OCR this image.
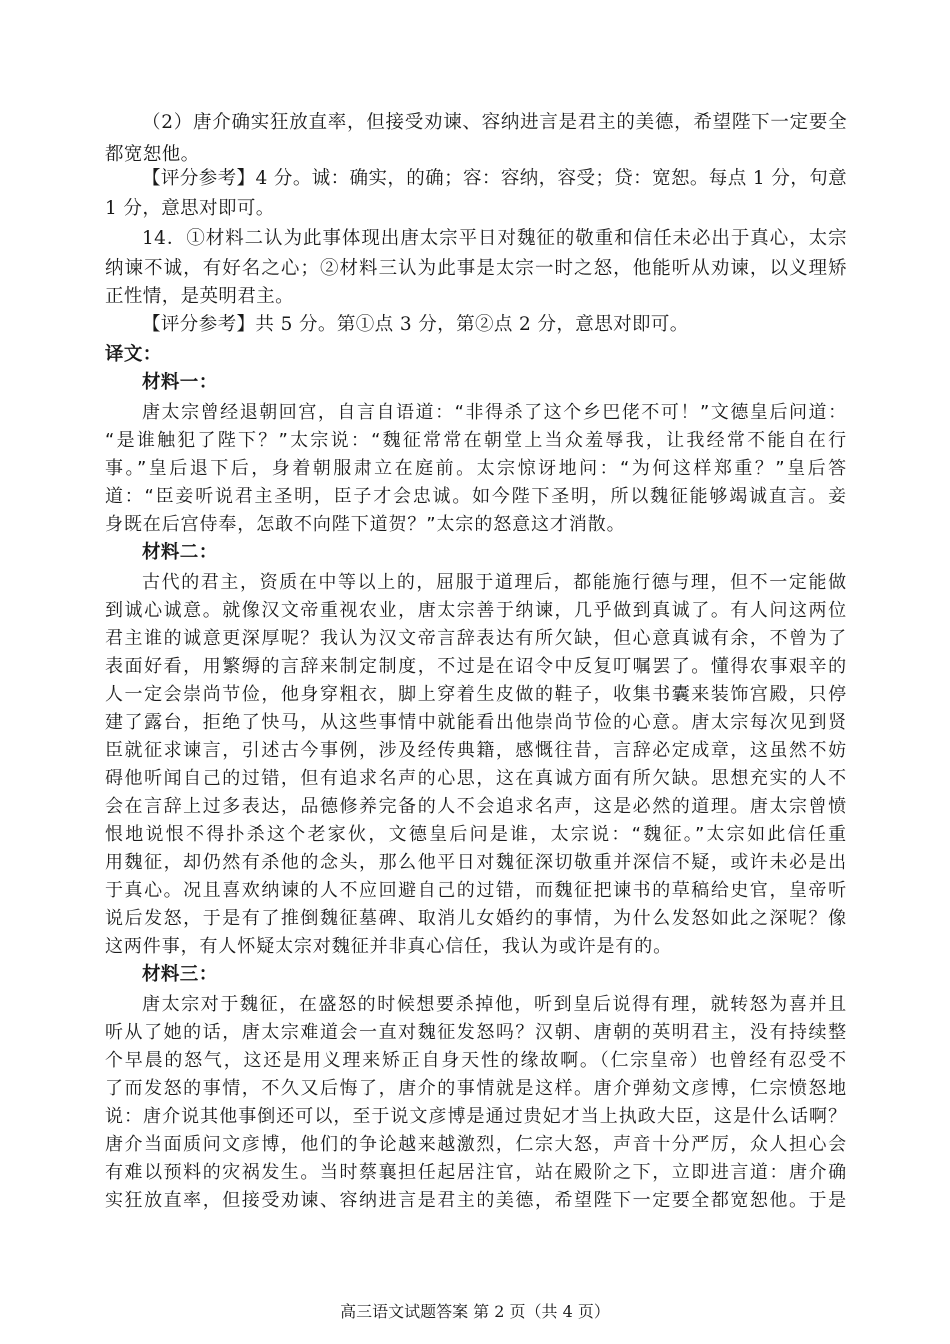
（2）唐介确实狂放直率，但接受劝谏、容纳进言是君主的美德，希望陛下一定要全
都宽恕他。
【评分参考】4 分。诚：确实，的确；容：容纳，容受；贷：宽恕。每点 1 分，句意
1 分，意思对即可。
14．①材料二认为此事体现出唐太宗平日对魏征的敬重和信任未必出于真心，太宗
纳谏不诚，有好名之心；②材料三认为此事是太宗一时之怒，他能听从劝谏，以义理矫
正性情，是英明君主。
【评分参考】共 5 分。第①点 3 分，第②点 2 分，意思对即可。
译文：
材料一：
唐太宗曾经退朝回宫，自言自语道：“非得杀了这个乡巴佬不可！”文德皇后问道：
“是谁触犯了陛下？”太宗说：“魏征常常在朝堂上当众羞辱我，让我经常不能自在行
事。”皇后退下后，身着朝服肃立在庭前。太宗惊讶地问：“为何这样郑重？”皇后答
道：“臣妾听说君主圣明，臣子才会忠诚。如今陛下圣明，所以魏征能够竭诚直言。妾
身既在后宫侍奉，怎敢不向陛下道贺？”太宗的怒意这才消散。
材料二：
古代的君主，资质在中等以上的，屈服于道理后，都能施行德与理，但不一定能做
到诚心诚意。就像汉文帝重视农业，唐太宗善于纳谏，几乎做到真诚了。有人问这两位
君主谁的诚意更深厚呢？我认为汉文帝言辞表达有所欠缺，但心意真诚有余，不曾为了
表面好看，用繁缛的言辞来制定制度，不过是在诏令中反复叮嘱罢了。懂得农事艰辛的
人一定会崇尚节俭，他身穿粗衣，脚上穿着生皮做的鞋子，收集书囊来装饰宫殿，只停
建了露台，拒绝了快马，从这些事情中就能看出他崇尚节俭的心意。唐太宗每次见到贤
臣就征求谏言，引述古今事例，涉及经传典籍，感慨往昔，言辞必定成章，这虽然不妨
碍他听闻自己的过错，但有追求名声的心思，这在真诚方面有所欠缺。思想充实的人不
会在言辞上过多表达，品德修养完备的人不会追求名声，这是必然的道理。唐太宗曾愤
恨地说恨不得扑杀这个老家伙，文德皇后问是谁，太宗说：“魏征。”太宗如此信任重
用魏征，却仍然有杀他的念头，那么他平日对魏征深切敬重并深信不疑，或许未必是出
于真心。况且喜欢纳谏的人不应回避自己的过错，而魏征把谏书的草稿给史官，皇帝听
说后发怒，于是有了推倒魏征墓碑、取消儿女婚约的事情，为什么发怒如此之深呢？像
这两件事，有人怀疑太宗对魏征并非真心信任，我认为或许是有的。
材料三：
唐太宗对于魏征，在盛怒的时候想要杀掉他，听到皇后说得有理，就转怒为喜并且
听从了她的话，唐太宗难道会一直对魏征发怒吗？汉朝、唐朝的英明君主，没有持续整
个早晨的怒气，这还是用义理来矫正自身天性的缘故啊。（仁宗皇帝）也曾经有忍受不
了而发怒的事情，不久又后悔了，唐介的事情就是这样。唐介弹劾文彦博，仁宗愤怒地
说：唐介说其他事倒还可以，至于说文彦博是通过贵妃才当上执政大臣，这是什么话啊？
唐介当面质问文彦博，他们的争论越来越激烈，仁宗大怒，声音十分严厉，众人担心会
有难以预料的灾祸发生。当时蔡襄担任起居注官，站在殿阶之下，立即进言道：唐介确
实狂放直率，但接受劝谏、容纳进言是君主的美德，希望陛下一定要全都宽恕他。于是
高三语文试题答案 第 2 页（共 4 页）
